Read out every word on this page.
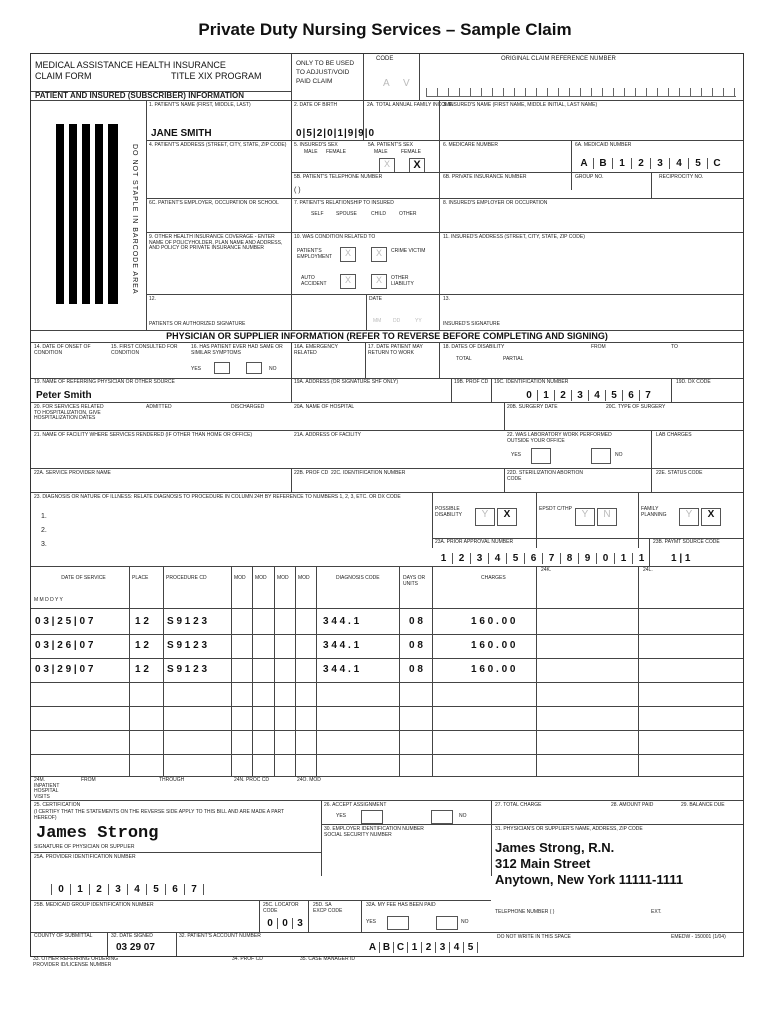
Private Duty Nursing Services – Sample Claim
MEDICAL ASSISTANCE HEALTH INSURANCE
CLAIM FORM	TITLE XIX PROGRAM
ONLY TO BE USED TO ADJUST/VOID PAID CLAIM
CODE
A V
ORIGINAL CLAIM REFERENCE NUMBER
PATIENT AND INSURED (SUBSCRIBER) INFORMATION
DO NOT STAPLE IN BARCODE AREA
1. PATIENT'S NAME (FIRST, MIDDLE, LAST)
JANE SMITH
2. DATE OF BIRTH
0|5|2|0|1|9|9|0
2A. TOTAL ANNUAL FAMILY INCOME
3. INSURED'S NAME (FIRST NAME, MIDDLE INITIAL, LAST NAME)
4. PATIENT'S ADDRESS (STREET, CITY, STATE, ZIP CODE) 5. INSURED'S SEX
MALE FEMALE
5A. PATIENT'S SEX
MALE	FEMALE
X	X
6. MEDICARE NUMBER	6A. MEDICAID NUMBER
A	B	1	2	3	4	5	C
5B. PATIENT'S TELEPHONE NUMBER
( )
6B. PRIVATE INSURANCE NUMBER	GROUP NO.	RECIPROCITY NO.
6C. PATIENT'S EMPLOYER, OCCUPATION OR SCHOOL	7. PATIENT'S RELATIONSHIP TO INSURED
SELF SPOUSE	CHILD	OTHER
8. INSURED'S EMPLOYER OR OCCUPATION
9. OTHER HEALTH INSURANCE COVERAGE - ENTER NAME OF POLICYHOLDER, PLAN NAME AND ADDRESS, AND POLICY OR PRIVATE INSURANCE NUMBER
10. WAS CONDITION RELATED TO
PATIENT'S EMPLOYMENT	X	X	CRIME VICTIM
AUTO ACCIDENT	X	X	OTHER LIABILITY
11. INSURED'S ADDRESS (STREET, CITY, STATE, ZIP CODE)
12.
PATIENTS OR AUTHORIZED SIGNATURE
DATE
MM DD	YY
13.
INSURED'S SIGNATURE
PHYSICIAN OR SUPPLIER INFORMATION (REFER TO REVERSE BEFORE COMPLETING AND SIGNING)
14. DATE OF ONSET OF CONDITION
15. FIRST CONSULTED FOR CONDITION
16. HAS PATIENT EVER HAD SAME OR SIMILAR SYMPTOMS
YES	NO
16A. EMERGENCY RELATED
17. DATE PATIENT MAY RETURN TO WORK
18. DATES OF DISABILITY
TOTAL	PARTIAL
FROM	TO
19. NAME OF REFERRING PHYSICIAN OR OTHER SOURCE
Peter Smith
19A. ADDRESS (OR SIGNATURE SHF ONLY)	19B. PROF CD 19C. IDENTIFICATION NUMBER
0	1	2	3	4	5	6	7
19D. DX CODE
20. FOR SERVICES RELATED TO HOSPITALIZATION, GIVE HOSPITALIZATION DATES
ADMITTED	DISCHARGED	20A. NAME OF HOSPITAL	20B. SURGERY DATE	20C. TYPE OF SURGERY
21. NAME OF FACILITY WHERE SERVICES RENDERED (IF OTHER THAN HOME OR OFFICE)	21A. ADDRESS OF FACILITY	22. WAS LABORATORY WORK PERFORMED OUTSIDE YOUR OFFICE
YES	NO
LAB CHARGES
22A. SERVICE PROVIDER NAME	22B. PROF CD 22C. IDENTIFICATION NUMBER	22D. STERILIZATION ABORTION CODE
22E. STATUS CODE
23. DIAGNOSIS OR NATURE OF ILLNESS: RELATE DIAGNOSIS TO PROCEDURE IN COLUMN 24H BY REFERENCE TO NUMBERS 1, 2, 3, ETC. OR DX CODE
1.
2.
3.
POSSIBLE DISABILITY	Y	X	EPSDT C/THP Y	N	FAMILY PLANNING	Y	X
23A. PRIOR APPROVAL NUMBER
1	2	3	4	5	6	7	8	9	0	1	1
23B. PAYMT SOURCE CODE
1 | 1
DATE OF SERVICE
M M D D Y Y
PLACE	PROCEDURE CD	MOD MOD MOD MOD	DIAGNOSIS CODE	DAYS OR UNITS
CHARGES
24K.	24L.
0 3 | 2 5 | 0 7	1 2 S 9 1 2 3	3 4 4 . 1	0 8	1 6 0 . 0 0
0 3 | 2 6 | 0 7	1 2 S 9 1 2 3	3 4 4 . 1	0 8	1 6 0 . 0 0
0 3 | 2 9 | 0 7	1 2 S 9 1 2 3	3 4 4 . 1	0 8	1 6 0 . 0 0
24M. INPATIENT HOSPITAL VISITS
FROM	THROUGH	24N. PROC CD	24O. MOD
25. CERTIFICATION
(I CERTIFY THAT THE STATEMENTS ON THE REVERSE SIDE APPLY TO THIS BILL AND ARE MADE A PART HEREOF)
James Strong
SIGNATURE OF PHYSICIAN OR SUPPLIER
26. ACCEPT ASSIGNMENT
YES	NO
27. TOTAL CHARGE	28. AMOUNT PAID	29. BALANCE DUE
30. EMPLOYER IDENTIFICATION NUMBER SOCIAL SECURITY NUMBER
31. PHYSICIAN'S OR SUPPLIER'S NAME, ADDRESS, ZIP CODE
James Strong, R.N.
312 Main Street
Anytown, New York 11111-1111
25A. PROVIDER IDENTIFICATION NUMBER
0	1	2	3	4	5	6	7
25B. MEDICAID GROUP IDENTIFICATION NUMBER	25C. LOCATOR CODE
0 0 3
25D. SA EXCP CODE
32A. MY FEE HAS BEEN PAID
YES	NO
TELEPHONE NUMBER ( )	EXT.
COUNTY OF SUBMITTAL	32. DATE SIGNED
03 29 07
32. PATIENT'S ACCOUNT NUMBER
A B C 1 2 3 4 5
DO NOT WRITE IN THIS SPACE	EMEDW - 150001 (1/04)
33. OTHER REFERRING ORDERING PROVIDER ID/LICENSE NUMBER
34. PROF CD	35. CASE MANAGER ID
